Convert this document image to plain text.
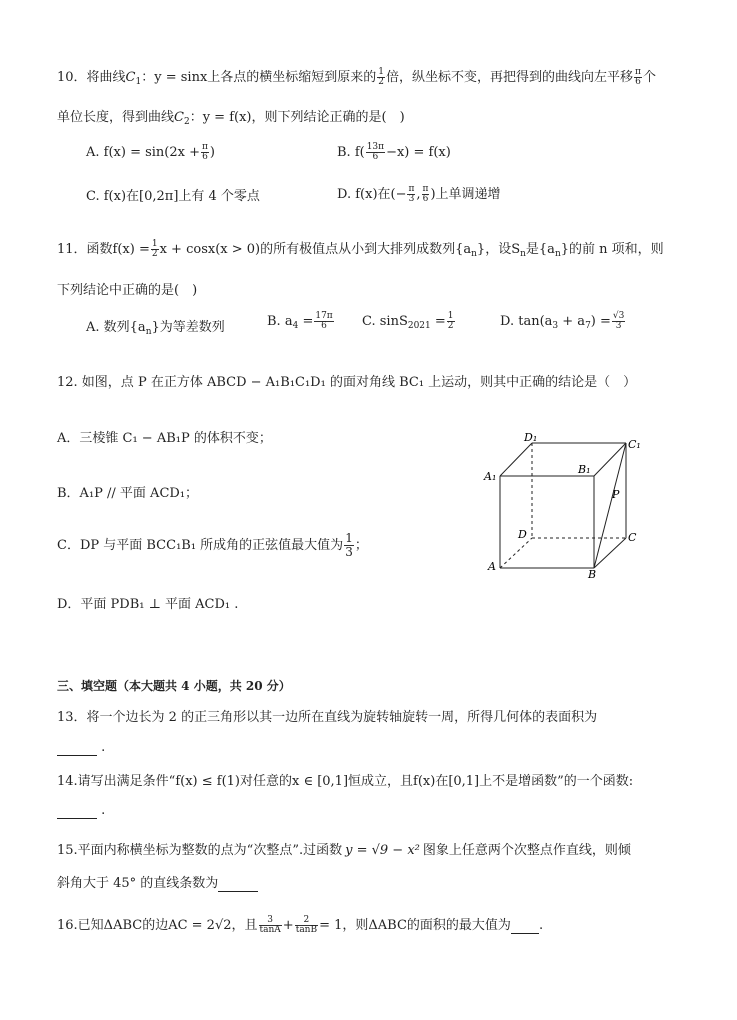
10．将曲线$C_1$：y = sinx上各点的横坐标缩短到原来的 $\frac{1}{2}$ 倍，纵坐标不变，再把得到的曲线向左平移 $\frac{\pi}{6}$ 个
单位长度，得到曲线$C_2$：y = f(x)，则下列结论正确的是(　)
A. $f(x) = \sin(2x + \frac{\pi}{6}$ )	B. $f( \frac{13\pi}{6} -x) = f(x)$
C. f(x)在[0,2π]上有 4 个零点	D. f(x)在(− $\frac{\pi}{3}$ , $\frac{\pi}{6}$ )上单调递增
11．函数$f(x) = \frac{1}{2}$ x + cosx(x > 0)的所有极值点从小到大排列成数列$\{a_n\}$，设$S_n$是$\{a_n\}$的前 n 项和，则
下列结论中正确的是(　)
A. 数列$\{a_n\}$为等差数列	B. $a_4 = \frac{17\pi}{6} C$. $\sin S_{2021} = \frac{1}{2}$	D. $\tan(a_3 + a_7) = \frac{√3}{3}$
12. 如图，点 P 在正方体 ABCD − A₁B₁C₁D₁ 的面对角线 BC₁ 上运动，则其中正确的结论是（　）
A．三棱锥 C₁ − AB₁P 的体积不变；
B．A₁P // 平面 ACD₁；
C．DP 与平面 BCC₁B₁ 所成角的正弦值最大值为 $\frac{1}{3}$ ；
D．平面 PDB₁ ⊥ 平面 ACD₁ .
D₁
C₁
A₁
B₁
P
D	C
A
B
三、填空题（本大题共 4 小题，共 20 分）
13．将一个边长为 2 的正三角形以其一边所在直线为旋转轴旋转一周，所得几何体的表面积为
.
14.请写出满足条件“f(x) ≤ f(1)对任意的x ∈ [0,1]恒成立，且f(x)在[0,1]上不是增函数”的一个函数:
.
15.平面内称横坐标为整数的点为“次整点”.过函数 y = √9 − x² 图象上任意两个次整点作直线，则倾
斜角大于 45° 的直线条数为
16.已知ΔABC的边AC = 2√2，且 $\frac{3}{\tan A} + \frac{2}{\tan B} = 1$，则ΔABC的面积的最大值为 .
